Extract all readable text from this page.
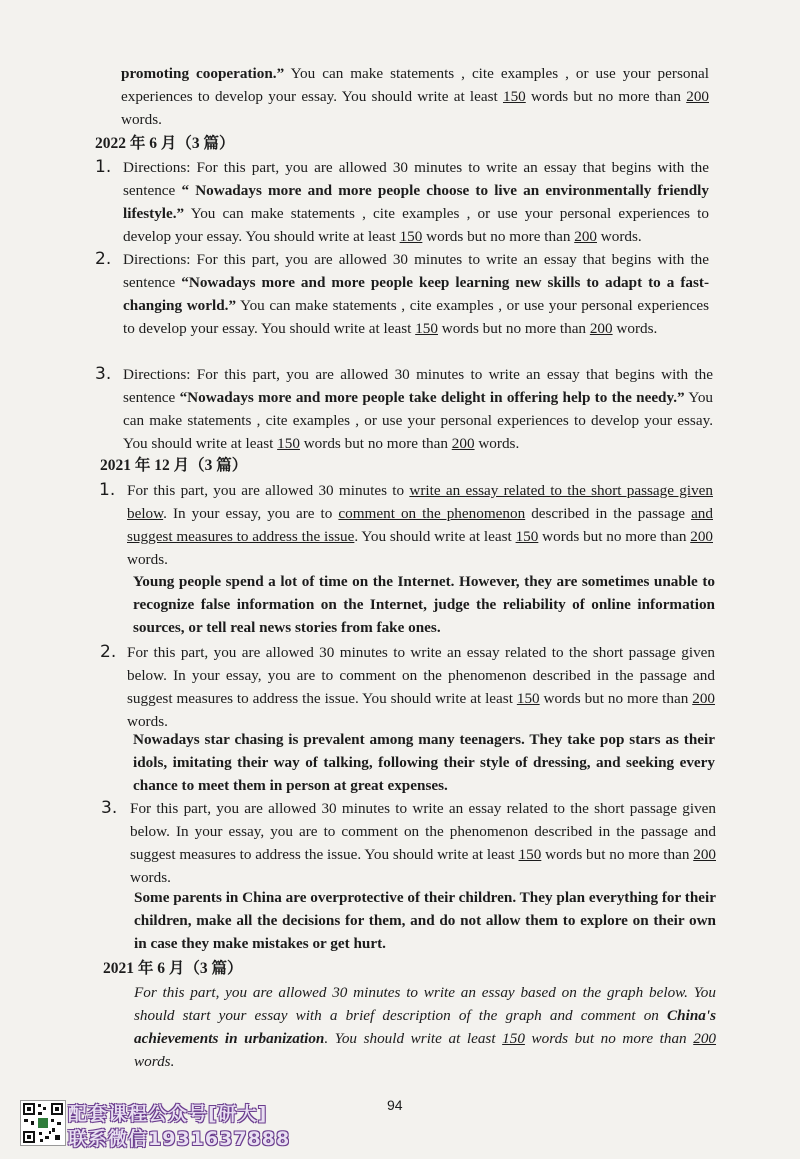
promoting cooperation.” You can make statements , cite examples , or use your personal experiences to develop your essay. You should write at least 150 words but no more than 200 words.
2022 年 6 月（3 篇）
1. Directions: For this part, you are allowed 30 minutes to write an essay that begins with the sentence “ Nowadays more and more people choose to live an environmentally friendly lifestyle.” You can make statements , cite examples , or use your personal experiences to develop your essay. You should write at least 150 words but no more than 200 words.
2. Directions: For this part, you are allowed 30 minutes to write an essay that begins with the sentence “Nowadays more and more people keep learning new skills to adapt to a fast-changing world.” You can make statements , cite examples , or use your personal experiences to develop your essay. You should write at least 150 words but no more than 200 words.
3. Directions: For this part, you are allowed 30 minutes to write an essay that begins with the sentence “Nowadays more and more people take delight in offering help to the needy.” You can make statements , cite examples , or use your personal experiences to develop your essay. You should write at least 150 words but no more than 200 words.
2021 年 12 月（3 篇）
1. For this part, you are allowed 30 minutes to write an essay related to the short passage given below. In your essay, you are to comment on the phenomenon described in the passage and suggest measures to address the issue. You should write at least 150 words but no more than 200 words.
Young people spend a lot of time on the Internet. However, they are sometimes unable to recognize false information on the Internet, judge the reliability of online information sources, or tell real news stories from fake ones.
2. For this part, you are allowed 30 minutes to write an essay related to the short passage given below. In your essay, you are to comment on the phenomenon described in the passage and suggest measures to address the issue. You should write at least 150 words but no more than 200 words.
Nowadays star chasing is prevalent among many teenagers. They take pop stars as their idols, imitating their way of talking, following their style of dressing, and seeking every chance to meet them in person at great expenses.
3. For this part, you are allowed 30 minutes to write an essay related to the short passage given below. In your essay, you are to comment on the phenomenon described in the passage and suggest measures to address the issue. You should write at least 150 words but no more than 200 words.
Some parents in China are overprotective of their children. They plan everything for their children, make all the decisions for them, and do not allow them to explore on their own in case they make mistakes or get hurt.
2021 年 6 月（3 篇）
For this part, you are allowed 30 minutes to write an essay based on the graph below. You should start your essay with a brief description of the graph and comment on China's achievements in urbanization. You should write at least 150 words but no more than 200 words.
配套课程公众号[研大]
联系微信1931637888
94
